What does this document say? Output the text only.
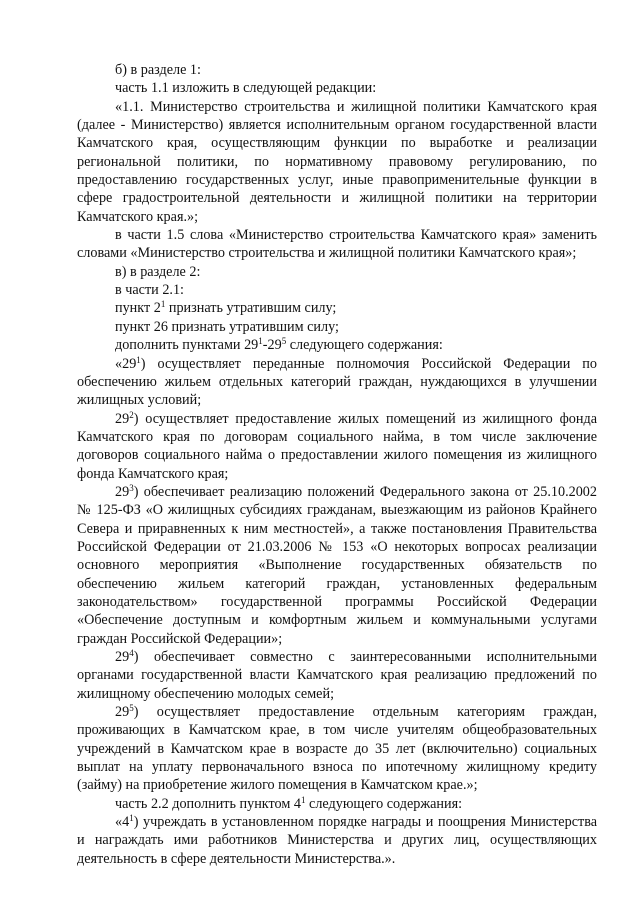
б) в разделе 1:

часть 1.1 изложить в следующей редакции:

«1.1. Министерство строительства и жилищной политики Камчатского края (далее - Министерство) является исполнительным органом государственной власти Камчатского края, осуществляющим функции по выработке и реализации региональной политики, по нормативному правовому регулированию, по предоставлению государственных услуг, иные правоприменительные функции в сфере градостроительной деятельности и жилищной политики на территории Камчатского края.»;

в части 1.5 слова «Министерство строительства Камчатского края» заменить словами «Министерство строительства и жилищной политики Камчатского края»;

в) в разделе 2:

в части 2.1:

пункт $2^1$ признать утратившим силу;

пункт 26 признать утратившим силу;

дополнить пунктами $29^1-29^5$ следующего содержания:

«$29^1$) осуществляет переданные полномочия Российской Федерации по обеспечению жильем отдельных категорий граждан, нуждающихся в улучшении жилищных условий;

$29^2$) осуществляет предоставление жилых помещений из жилищного фонда Камчатского края по договорам социального найма, в том числе заключение договоров социального найма о предоставлении жилого помещения из жилищного фонда Камчатского края;

$29^3$) обеспечивает реализацию положений Федерального закона от 25.10.2002 № 125-ФЗ «О жилищных субсидиях гражданам, выезжающим из районов Крайнего Севера и приравненных к ним местностей», а также постановления Правительства Российской Федерации от 21.03.2006 № 153 «О некоторых вопросах реализации основного мероприятия «Выполнение государственных обязательств по обеспечению жильем категорий граждан, установленных федеральным законодательством» государственной программы Российской Федерации «Обеспечение доступным и комфортным жильем и коммунальными услугами граждан Российской Федерации»;

$29^4$) обеспечивает совместно с заинтересованными исполнительными органами государственной власти Камчатского края реализацию предложений по жилищному обеспечению молодых семей;

$29^5$) осуществляет предоставление отдельным категориям граждан, проживающих в Камчатском крае, в том числе учителям общеобразовательных учреждений в Камчатском крае в возрасте до 35 лет (включительно) социальных выплат на уплату первоначального взноса по ипотечному жилищному кредиту (займу) на приобретение жилого помещения в Камчатском крае.»;

часть 2.2 дополнить пунктом $4^1$ следующего содержания:

«$4^1$) учреждать в установленном порядке награды и поощрения Министерства и награждать ими работников Министерства и других лиц, осуществляющих деятельность в сфере деятельности Министерства.».
